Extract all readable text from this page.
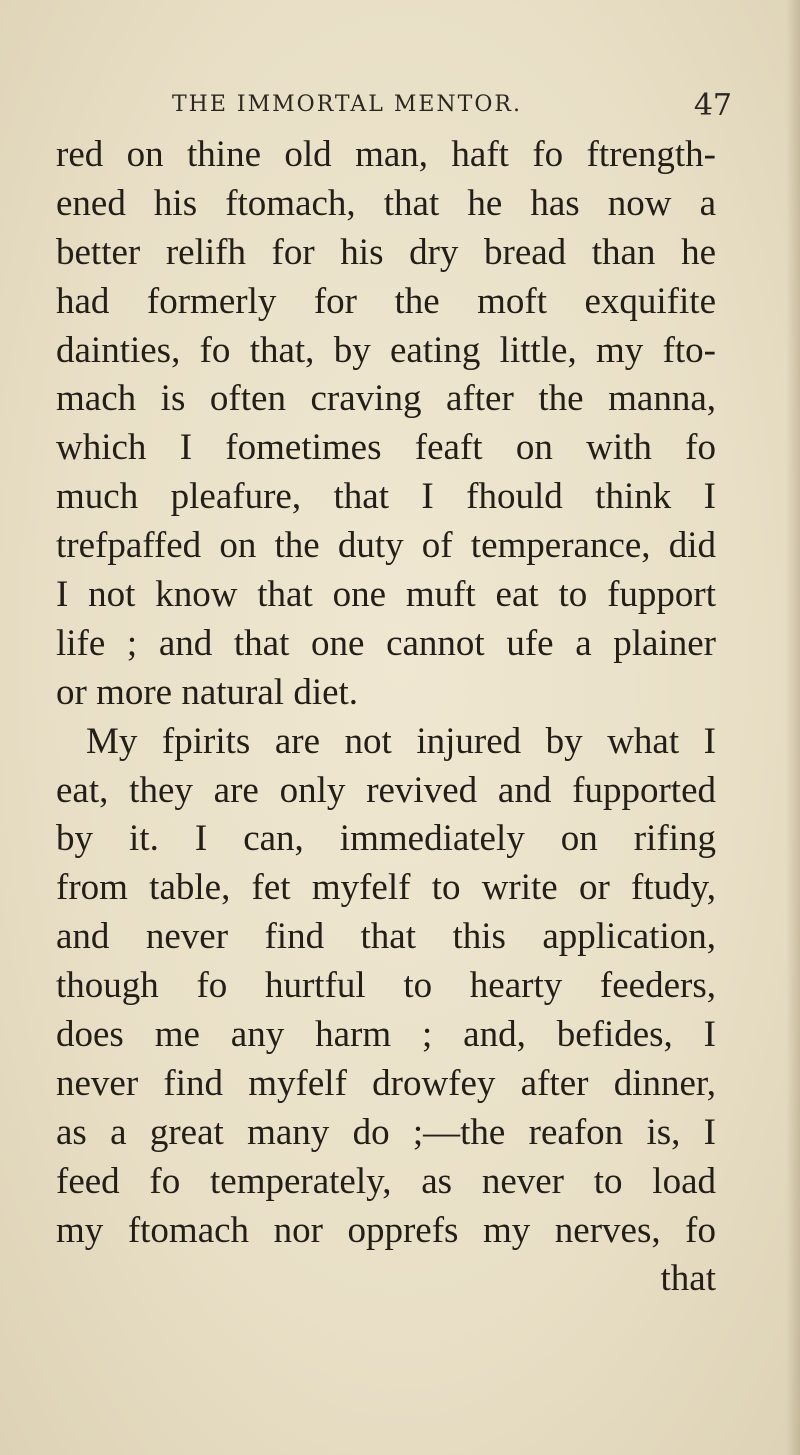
THE IMMORTAL MENTOR.	47
red on thine old man, haft fo ftrength-
ened his ftomach, that he has now a
better relifh for his dry bread than he
had formerly for the moft exquifite
dainties, fo that, by eating little, my fto-
mach is often craving after the manna,
which I fometimes feaft on with fo
much pleafure, that I fhould think I
trefpaffed on the duty of temperance, did
I not know that one muft eat to fupport
life ; and that one cannot ufe a plainer
or more natural diet.
My fpirits are not injured by what I
eat, they are only revived and fupported
by it. I can, immediately on rifing
from table, fet myfelf to write or ftudy,
and never find that this application,
though fo hurtful to hearty feeders,
does me any harm ; and, befides, I
never find myfelf drowfey after dinner,
as a great many do ;—the reafon is, I
feed fo temperately, as never to load
my ftomach nor opprefs my nerves, fo
that
